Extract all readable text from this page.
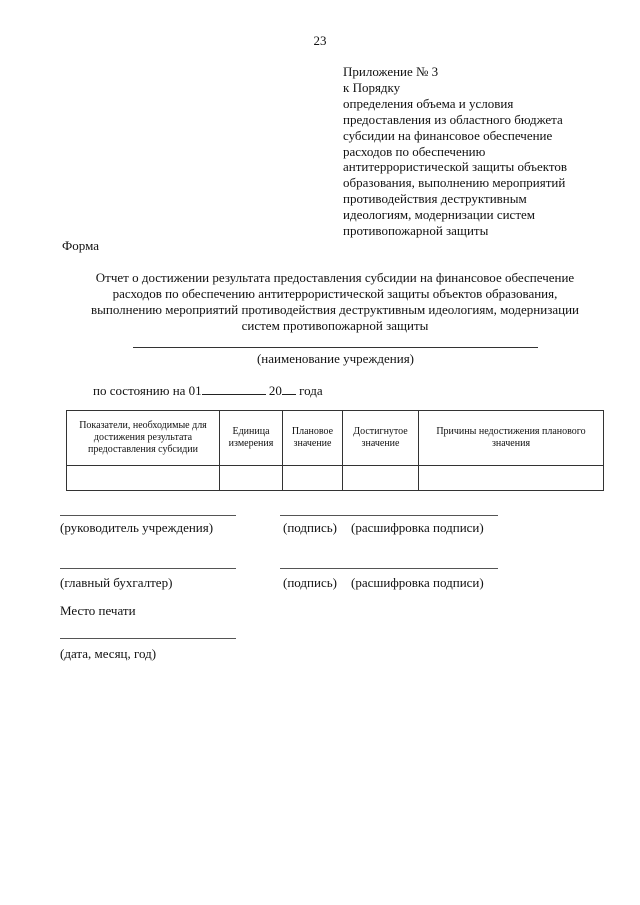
23
Приложение № 3
к Порядку
определения объема и условия
предоставления из областного бюджета
субсидии на финансовое обеспечение
расходов по обеспечению
антитеррористической защиты объектов
образования, выполнению мероприятий
противодействия деструктивным
идеологиям, модернизации систем
противопожарной защиты
Форма
Отчет о достижении результата предоставления субсидии на финансовое обеспечение
расходов по обеспечению антитеррористической защиты объектов образования,
выполнению мероприятий противодействия деструктивным идеологиям, модернизации
систем противопожарной защиты
(наименование учреждения)
по состоянию на 01	20 года
Показатели, необходимые для достижения результата предоставления субсидии	Единица измерения	Плановое значение	Достигнутое значение	Причины недостижения планового значения

(руководитель учреждения)	(подпись) (расшифровка подписи)
(главный бухгалтер)	(подпись) (расшифровка подписи)
Место печати
(дата, месяц, год)
